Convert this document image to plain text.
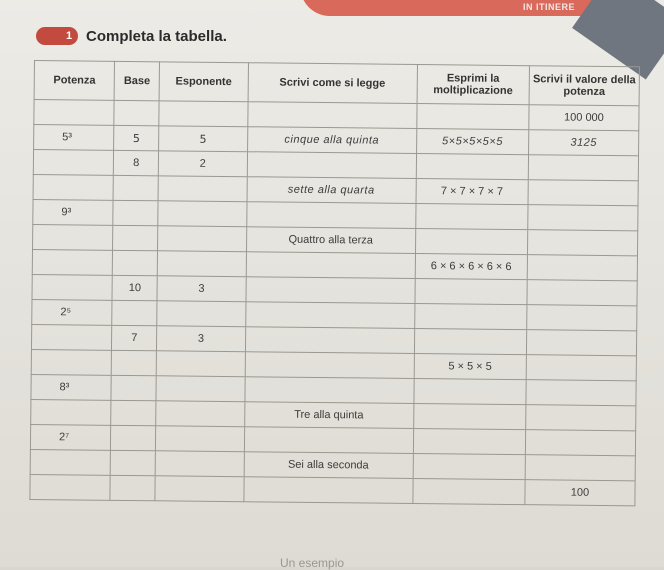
IN ITINERE
1 Completa la tabella.
Potenza	Base	Esponente	Scrivi come si legge	Esprimi la moltiplicazione	Scrivi il valore della potenza
					100 000
5³	5	5	cinque alla quinta	5×5×5×5×5	3125
	8	2			
			sette alla quarta	7 × 7 × 7 × 7	
9³					
			Quattro alla terza		
				6 × 6 × 6 × 6 × 6	
	10	3			
2⁵					
	7	3			
				5 × 5 × 5	
8³					
			Tre alla quinta		
2⁷					
			Sei alla seconda		
					100
Un esempio
